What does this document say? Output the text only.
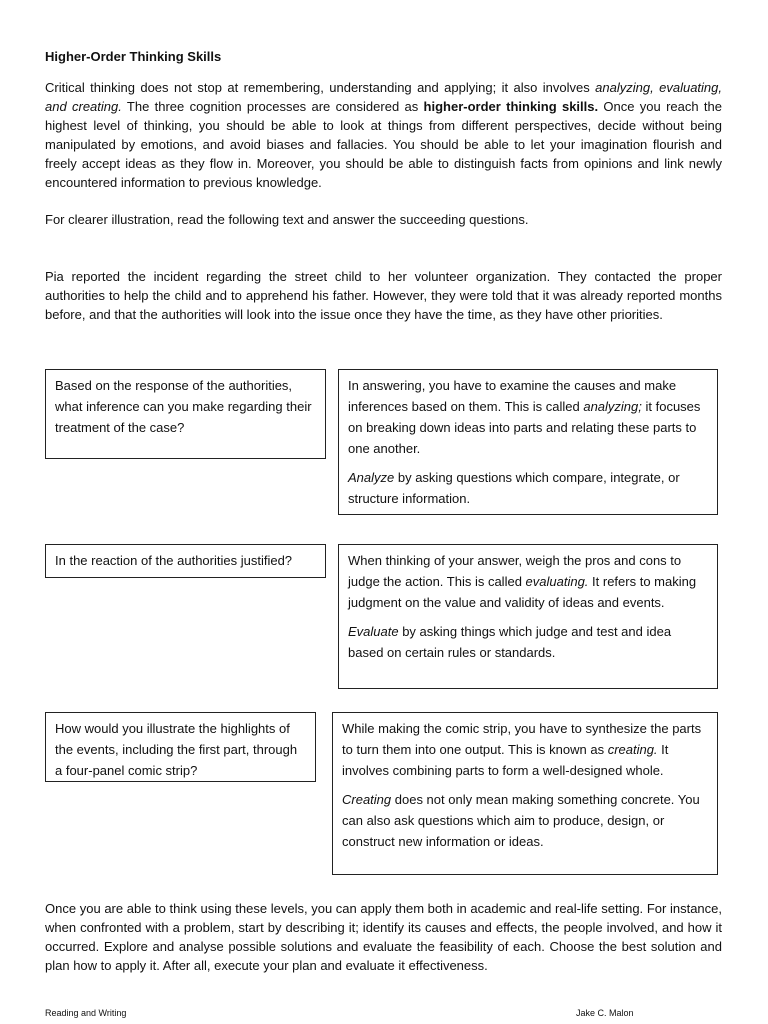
Higher-Order Thinking Skills

Critical thinking does not stop at remembering, understanding and applying; it also involves analyzing, evaluating, and creating. The three cognition processes are considered as higher-order thinking skills. Once you reach the highest level of thinking, you should be able to look at things from different perspectives, decide without being manipulated by emotions, and avoid biases and fallacies. You should be able to let your imagination flourish and freely accept ideas as they flow in. Moreover, you should be able to distinguish facts from opinions and link newly encountered information to previous knowledge.

For clearer illustration, read the following text and answer the succeeding questions.

Pia reported the incident regarding the street child to her volunteer organization. They contacted the proper authorities to help the child and to apprehend his father. However, they were told that it was already reported months before, and that the authorities will look into the issue once they have the time, as they have other priorities.

Based on the response of the authorities, what inference can you make regarding their treatment of the case?

In answering, you have to examine the causes and make inferences based on them. This is called analyzing; it focuses on breaking down ideas into parts and relating these parts to one another.

Analyze by asking questions which compare, integrate, or structure information.

In the reaction of the authorities justified?	When thinking of your answer, weigh the pros and cons to judge the action. This is called evaluating. It refers to making judgment on the value and validity of ideas and events.

Evaluate by asking things which judge and test and idea based on certain rules or standards.

How would you illustrate the highlights of the events, including the first part, through a four-panel comic strip?

While making the comic strip, you have to synthesize the parts to turn them into one output. This is known as creating. It involves combining parts to form a well-designed whole.

Creating does not only mean making something concrete. You can also ask questions which aim to produce, design, or construct new information or ideas.

Once you are able to think using these levels, you can apply them both in academic and real-life setting. For instance, when confronted with a problem, start by describing it; identify its causes and effects, the people involved, and how it occurred. Explore and analyse possible solutions and evaluate the feasibility of each. Choose the best solution and plan how to apply it. After all, execute your plan and evaluate it effectiveness.

Reading and Writing	Jake C. Malon
